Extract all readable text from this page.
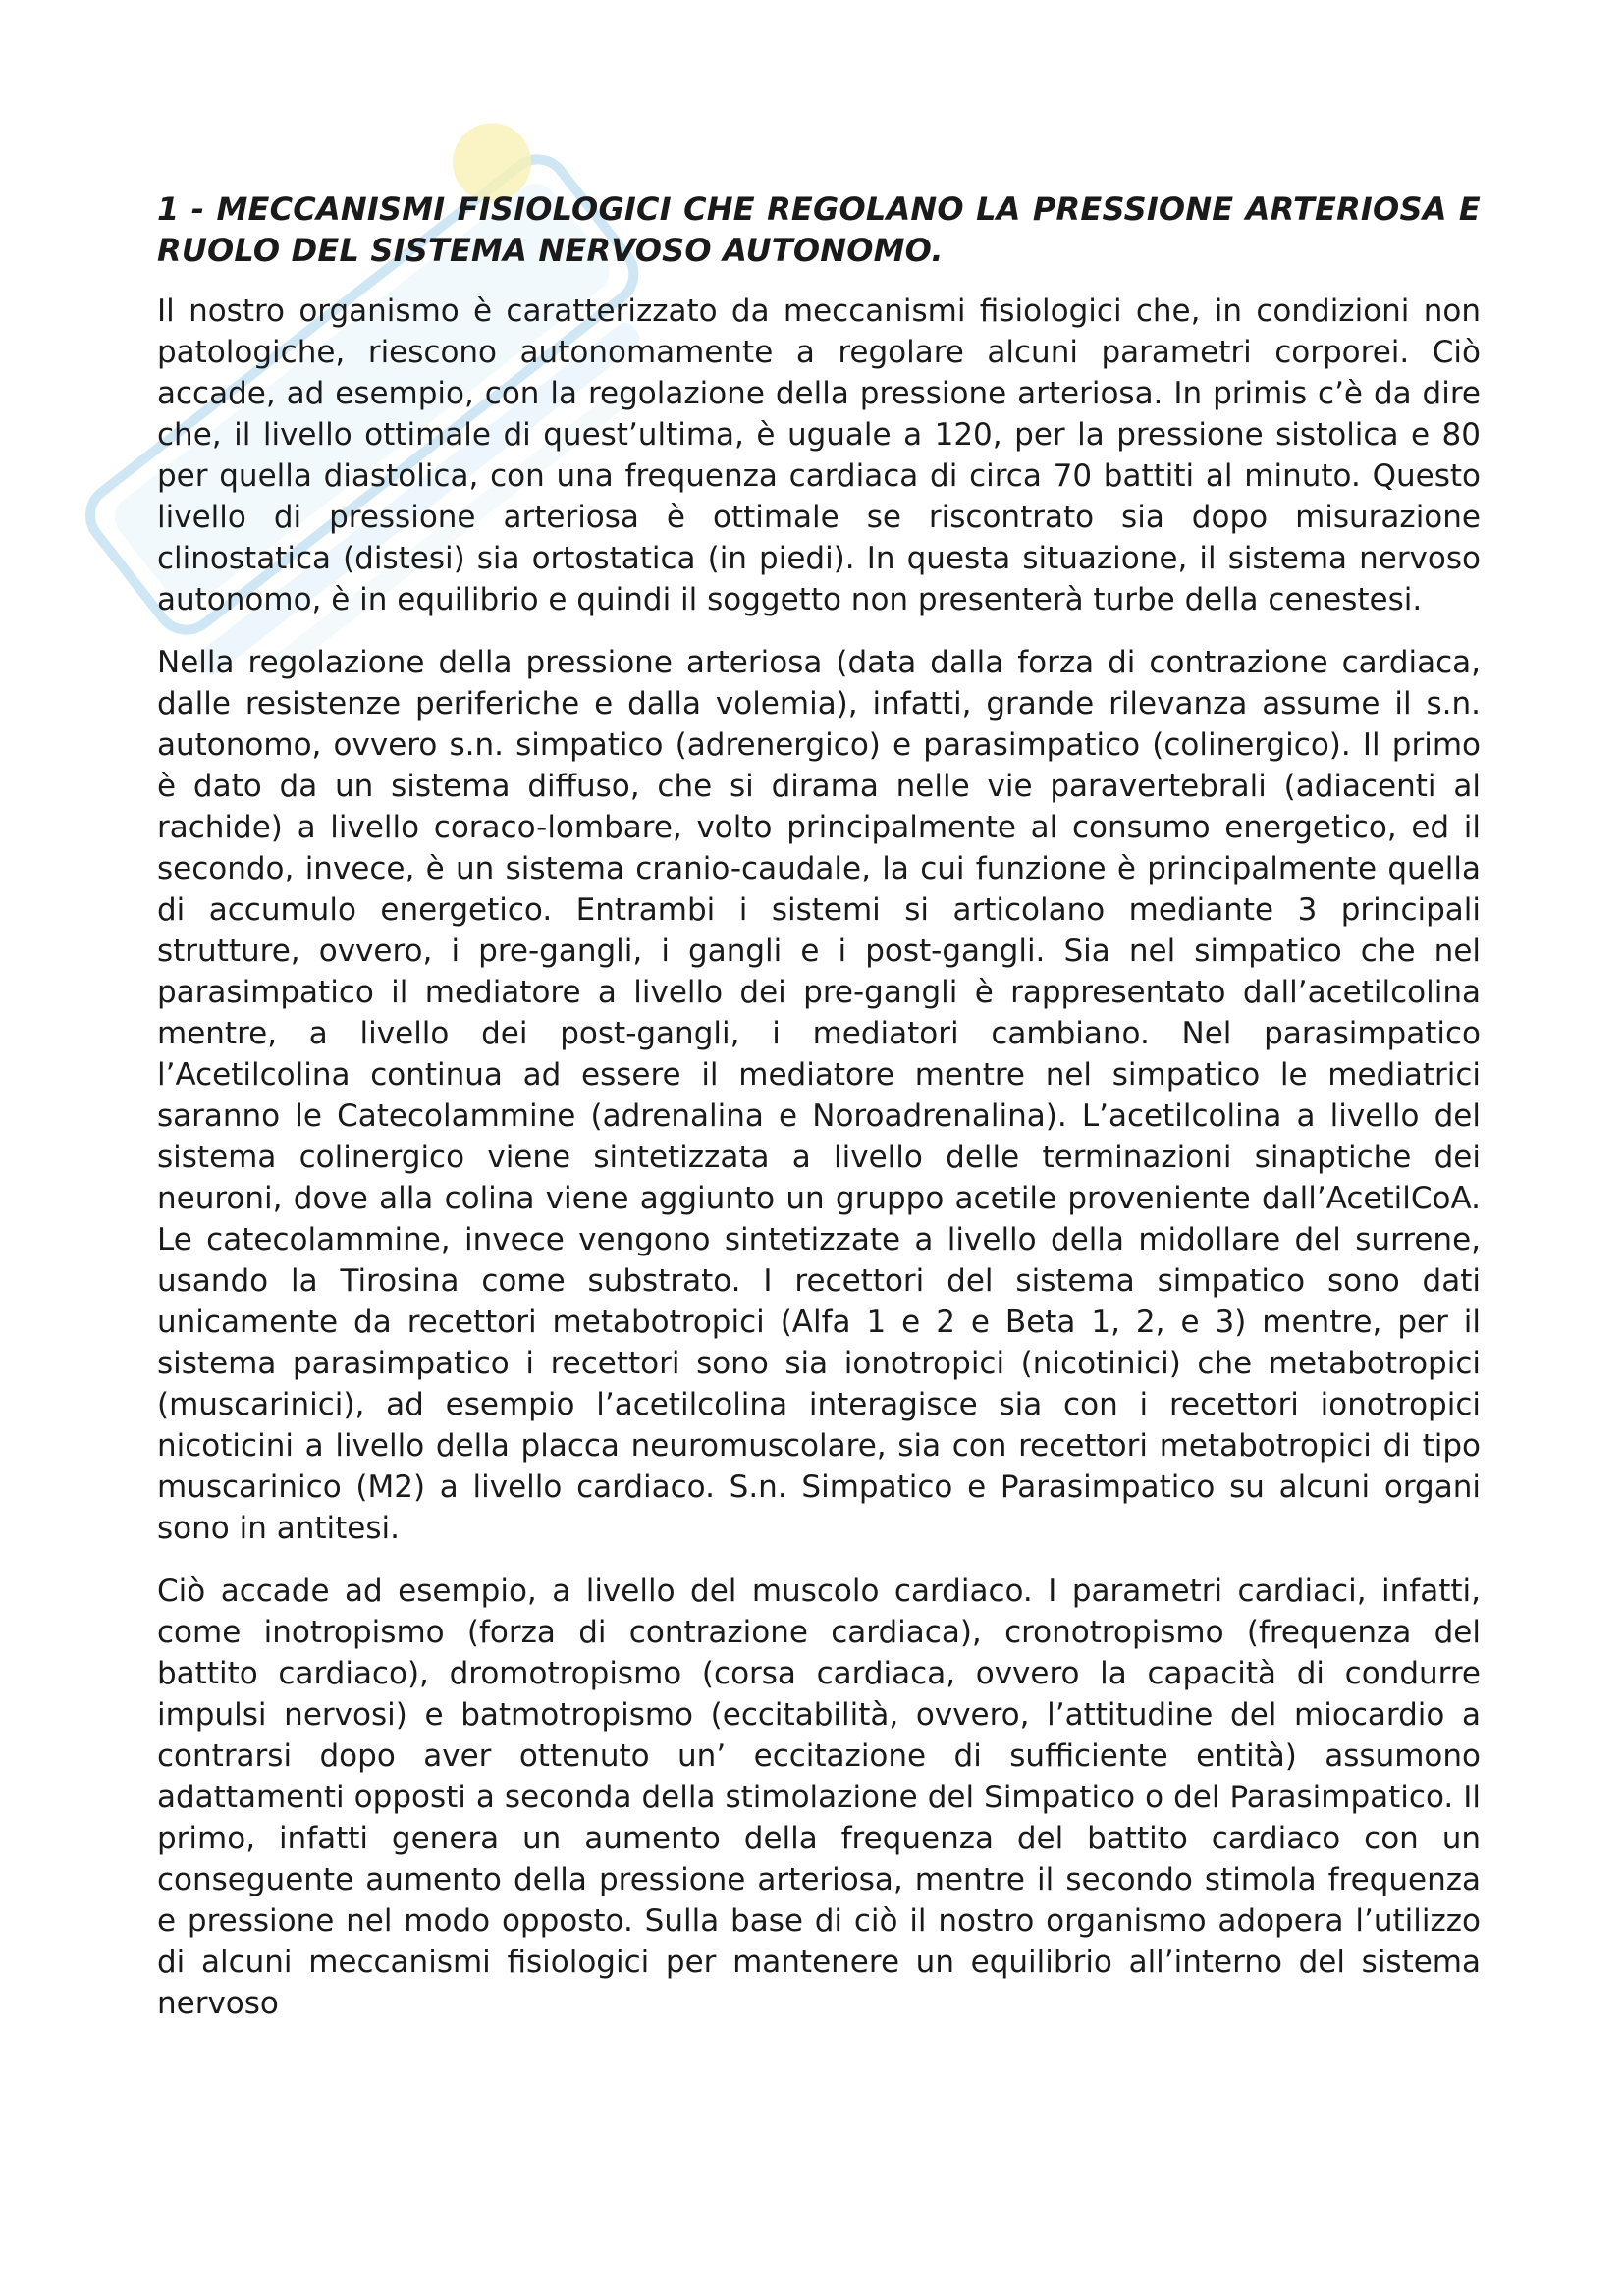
1 - MECCANISMI FISIOLOGICI CHE REGOLANO LA PRESSIONE ARTERIOSA E RUOLO DEL SISTEMA NERVOSO AUTONOMO.

Il nostro organismo è caratterizzato da meccanismi fisiologici che, in condizioni non patologiche, riescono autonomamente a regolare alcuni parametri corporei. Ciò accade, ad esempio, con la regolazione della pressione arteriosa. In primis c’è da dire che, il livello ottimale di quest’ultima, è uguale a 120, per la pressione sistolica e 80 per quella diastolica, con una frequenza cardiaca di circa 70 battiti al minuto. Questo livello di pressione arteriosa è ottimale se riscontrato sia dopo misurazione clinostatica (distesi) sia ortostatica (in piedi). In questa situazione, il sistema nervoso autonomo, è in equilibrio e quindi il soggetto non presenterà turbe della cenestesi.

Nella regolazione della pressione arteriosa (data dalla forza di contrazione cardiaca, dalle resistenze periferiche e dalla volemia), infatti, grande rilevanza assume il s.n. autonomo, ovvero s.n. simpatico (adrenergico) e parasimpatico (colinergico). Il primo è dato da un sistema diffuso, che si dirama nelle vie paravertebrali (adiacenti al rachide) a livello coraco-lombare, volto principalmente al consumo energetico, ed il secondo, invece, è un sistema cranio-caudale, la cui funzione è principalmente quella di accumulo energetico. Entrambi i sistemi si articolano mediante 3 principali strutture, ovvero, i pre-gangli, i gangli e i post-gangli. Sia nel simpatico che nel parasimpatico il mediatore a livello dei pre-gangli è rappresentato dall’acetilcolina mentre, a livello dei post-gangli, i mediatori cambiano. Nel parasimpatico l’Acetilcolina continua ad essere il mediatore mentre nel simpatico le mediatrici saranno le Catecolammine (adrenalina e Noroadrenalina). L’acetilcolina a livello del sistema colinergico viene sintetizzata a livello delle terminazioni sinaptiche dei neuroni, dove alla colina viene aggiunto un gruppo acetile proveniente dall’AcetilCoA. Le catecolammine, invece vengono sintetizzate a livello della midollare del surrene, usando la Tirosina come substrato. I recettori del sistema simpatico sono dati unicamente da recettori metabotropici (Alfa 1 e 2 e Beta 1, 2, e 3) mentre, per il sistema parasimpatico i recettori sono sia ionotropici (nicotinici) che metabotropici (muscarinici), ad esempio l’acetilcolina interagisce sia con i recettori ionotropici nicoticini a livello della placca neuromuscolare, sia con recettori metabotropici di tipo muscarinico (M2) a livello cardiaco. S.n. Simpatico e Parasimpatico su alcuni organi sono in antitesi.

Ciò accade ad esempio, a livello del muscolo cardiaco. I parametri cardiaci, infatti, come inotropismo (forza di contrazione cardiaca), cronotropismo (frequenza del battito cardiaco), dromotropismo (corsa cardiaca, ovvero la capacità di condurre impulsi nervosi) e batmotropismo (eccitabilità, ovvero, l’attitudine del miocardio a contrarsi dopo aver ottenuto un’ eccitazione di sufficiente entità) assumono adattamenti opposti a seconda della stimolazione del Simpatico o del Parasimpatico. Il primo, infatti genera un aumento della frequenza del battito cardiaco con un conseguente aumento della pressione arteriosa, mentre il secondo stimola frequenza e pressione nel modo opposto. Sulla base di ciò il nostro organismo adopera l’utilizzo di alcuni meccanismi fisiologici per mantenere un equilibrio all’interno del sistema nervoso
